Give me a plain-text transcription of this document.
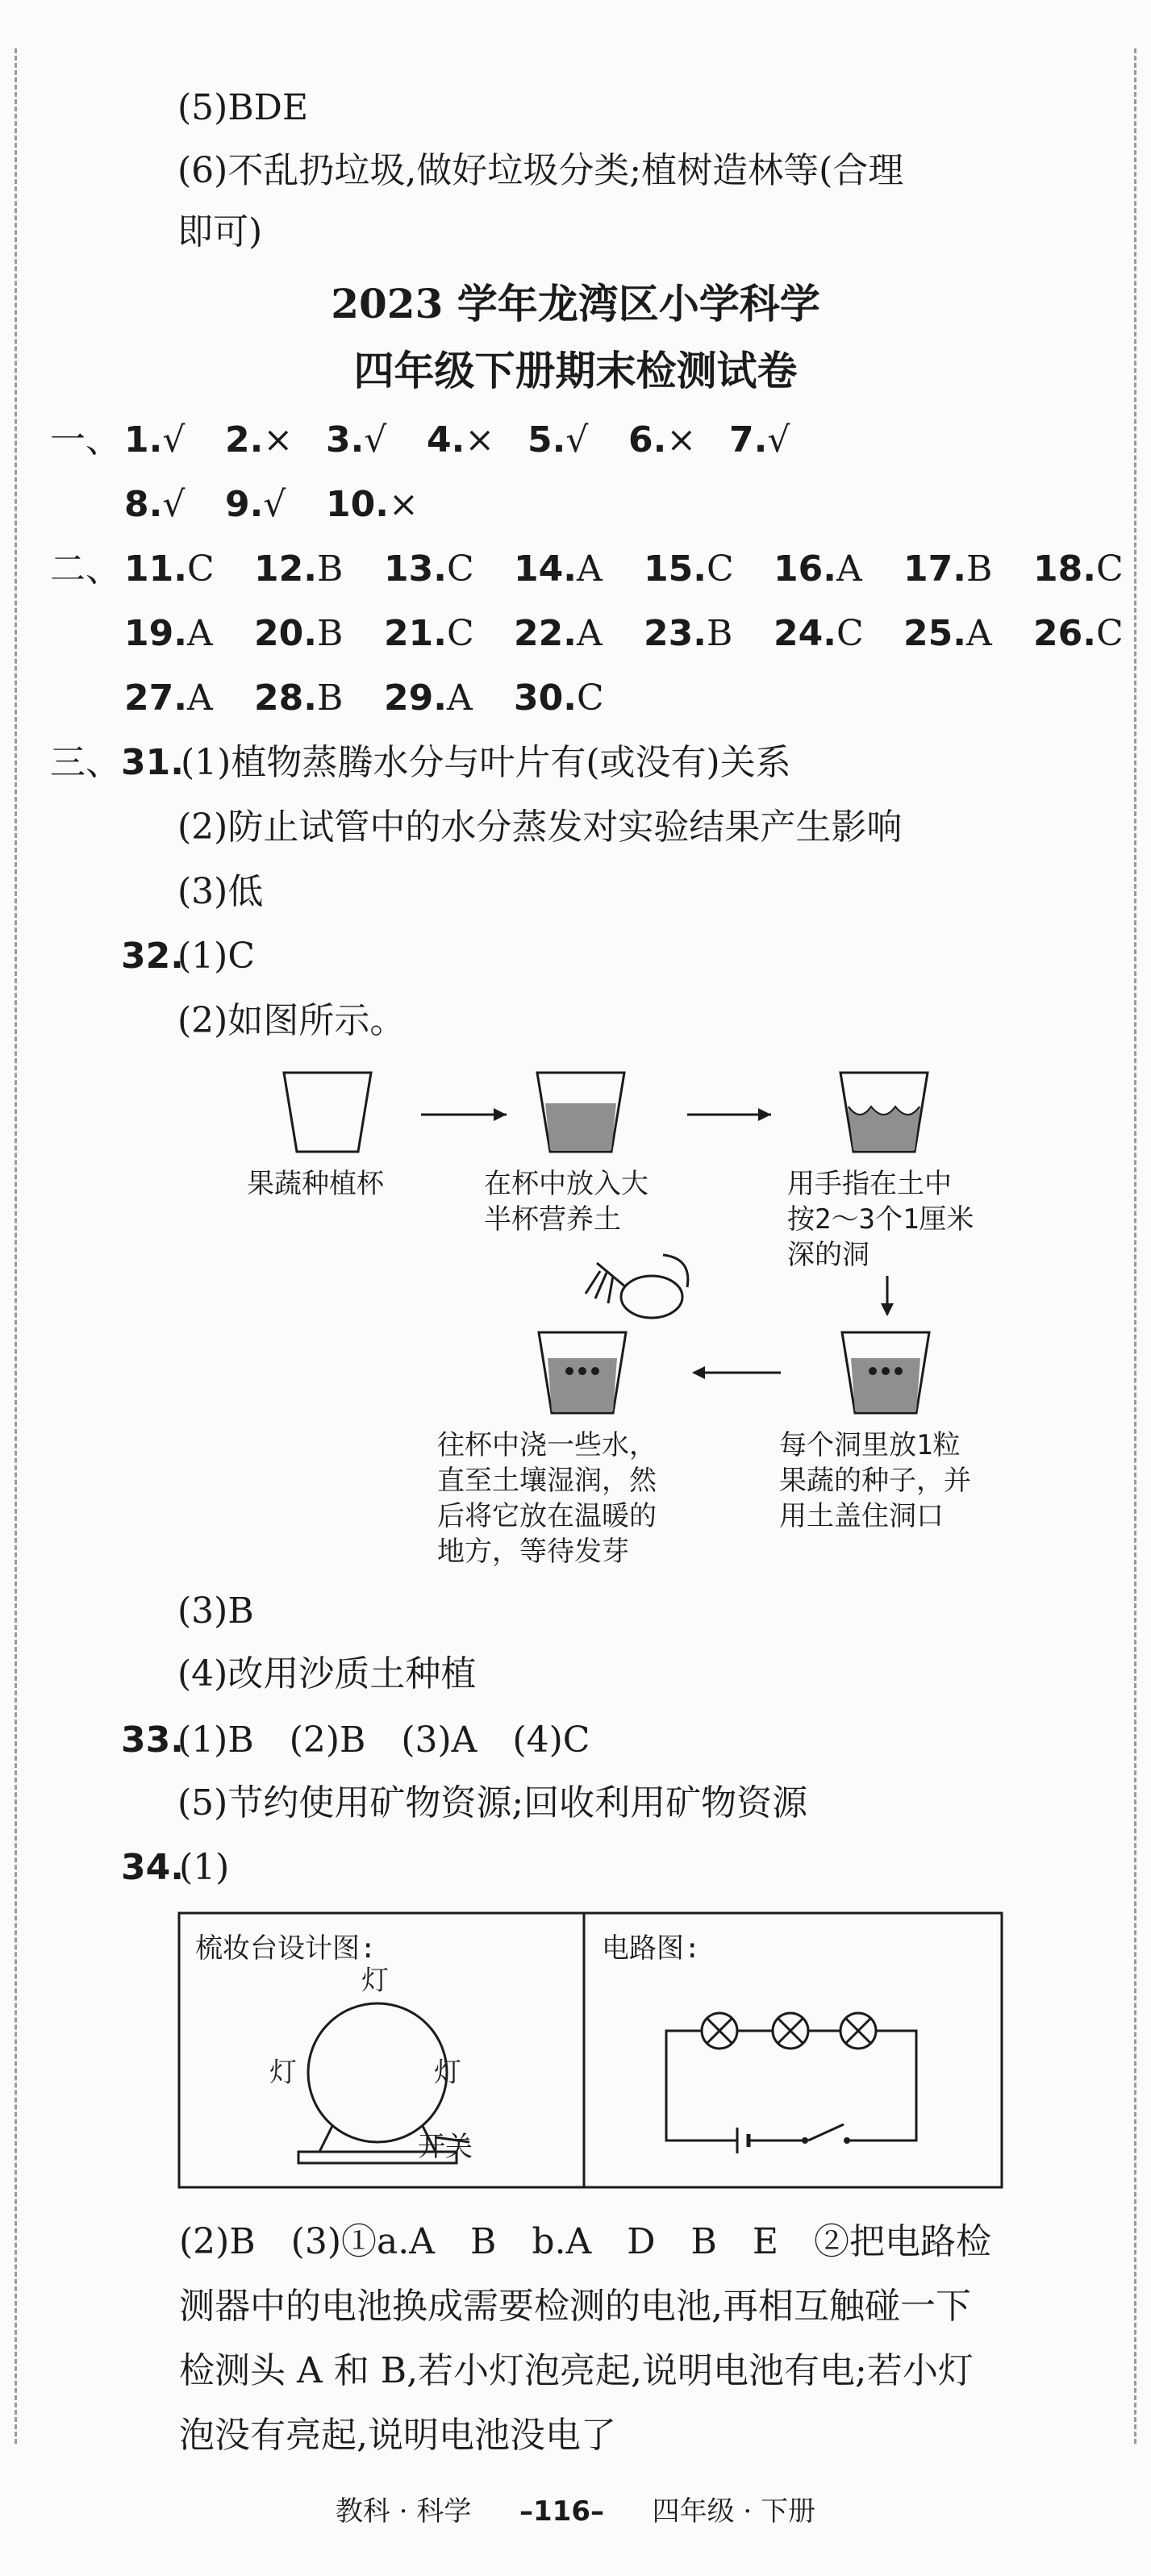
(5)BDE
(6)不乱扔垃圾,做好垃圾分类;植树造林等(合理
即可)
2023 学年龙湾区小学科学
四年级下册期末检测试卷
一、 1.√ 2.× 3.√ 4.× 5.√ 6.× 7.√
8.√ 9.√ 10.×
二、 11.C 12.B 13.C 14.A 15.C 16.A 17.B 18.C
19.A 20.B 21.C 22.A 23.B 24.C 25.A 26.C
27.A 28.B 29.A 30.C
三、 31.
(1)植物蒸腾水分与叶片有(或没有)关系
(2)防止试管中的水分蒸发对实验结果产生影响
(3)低
32.
(1)C
(2)如图所示。
果蔬种植杯	在杯中放入大
半杯营养土
用手指在土中
按2～3个1厘米
深的洞
每个洞里放1粒
果蔬的种子，并
用土盖住洞口
往杯中浇一些水，
直至土壤湿润，然
后将它放在温暖的
地方，等待发芽
(3)B
(4)改用沙质土种植
33.
(1)B　(2)B　(3)A　(4)C
(5)节约使用矿物资源;回收利用矿物资源
34.
(1)
梳妆台设计图:	电路图:
灯
灯	灯
开关
(2)B　(3)①a.A　B　b.A　D　B　E　②把电路检
测器中的电池换成需要检测的电池,再相互触碰一下
检测头 A 和 B,若小灯泡亮起,说明电池有电;若小灯
泡没有亮起,说明电池没电了
教科 · 科学 –116– 四年级 · 下册
